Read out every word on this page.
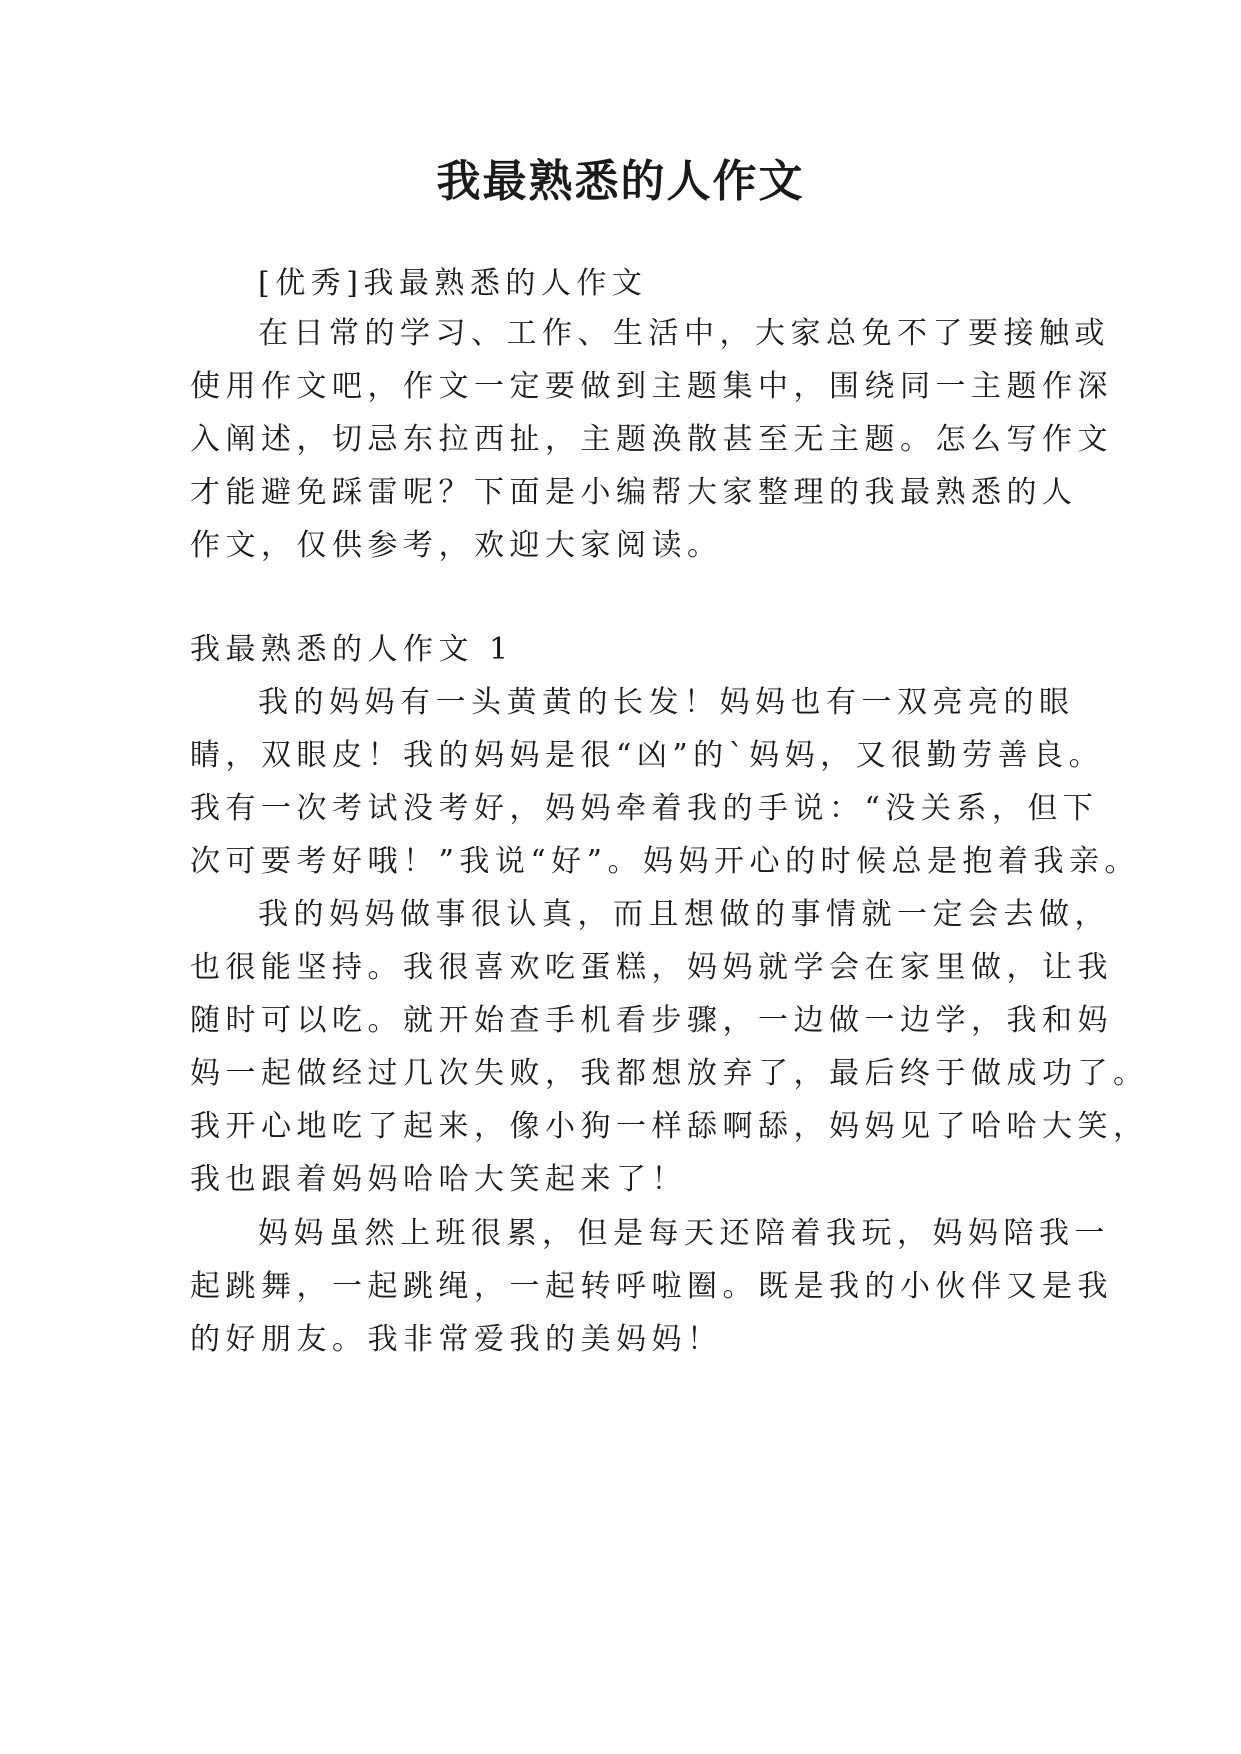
我最熟悉的人作文
[优秀]我最熟悉的人作文
在日常的学习、工作、生活中，大家总免不了要接触或
使用作文吧，作文一定要做到主题集中，围绕同一主题作深
入阐述，切忌东拉西扯，主题涣散甚至无主题。怎么写作文
才能避免踩雷呢？下面是小编帮大家整理的我最熟悉的人
作文，仅供参考，欢迎大家阅读。
我最熟悉的人作文 1
我的妈妈有一头黄黄的长发！妈妈也有一双亮亮的眼
睛，双眼皮！我的妈妈是很“凶”的`妈妈，又很勤劳善良。
我有一次考试没考好，妈妈牵着我的手说：“没关系，但下
次可要考好哦！”我说“好”。妈妈开心的时候总是抱着我亲。
我的妈妈做事很认真，而且想做的事情就一定会去做，
也很能坚持。我很喜欢吃蛋糕，妈妈就学会在家里做，让我
随时可以吃。就开始查手机看步骤，一边做一边学，我和妈
妈一起做经过几次失败，我都想放弃了，最后终于做成功了。
我开心地吃了起来，像小狗一样舔啊舔，妈妈见了哈哈大笑，
我也跟着妈妈哈哈大笑起来了！
妈妈虽然上班很累，但是每天还陪着我玩，妈妈陪我一
起跳舞，一起跳绳，一起转呼啦圈。既是我的小伙伴又是我
的好朋友。我非常爱我的美妈妈！
